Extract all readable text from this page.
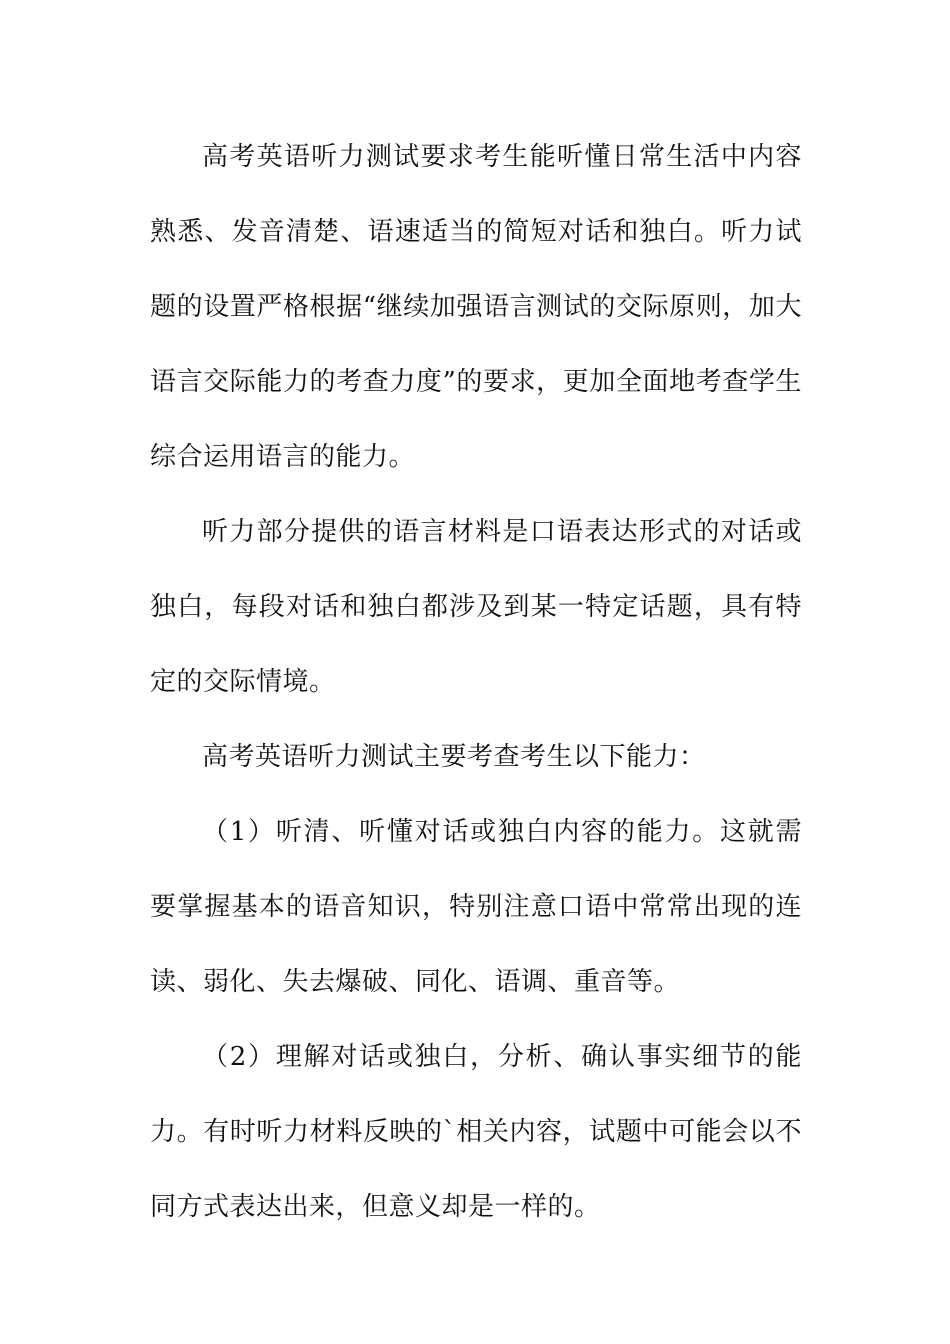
高考英语听力测试要求考生能听懂日常生活中内容熟悉、发音清楚、语速适当的简短对话和独白。听力试题的设置严格根据“继续加强语言测试的交际原则，加大语言交际能力的考查力度”的要求，更加全面地考查学生综合运用语言的能力。

听力部分提供的语言材料是口语表达形式的对话或独白，每段对话和独白都涉及到某一特定话题，具有特定的交际情境。

高考英语听力测试主要考查考生以下能力：

（1）听清、听懂对话或独白内容的能力。这就需要掌握基本的语音知识，特别注意口语中常常出现的连读、弱化、失去爆破、同化、语调、重音等。

（2）理解对话或独白，分析、确认事实细节的能力。有时听力材料反映的`相关内容，试题中可能会以不同方式表达出来，但意义却是一样的。
